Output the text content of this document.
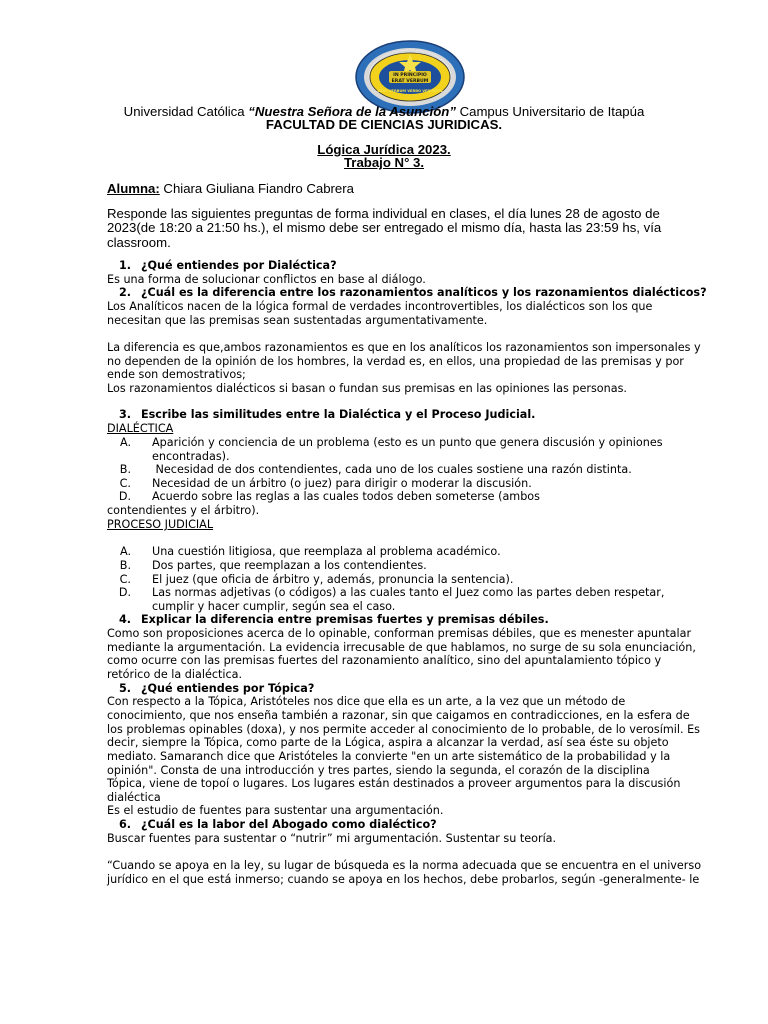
IN PRINCIPIO
ERAT VERBUM
ERAT VERBUM VERBO VERITATIS
Universidad Católica “Nuestra Señora de la Asunción” Campus Universitario de Itapúa
FACULTAD DE CIENCIAS JURIDICAS.
Lógica Jurídica 2023.
Trabajo N° 3.
Alumna: Chiara Giuliana Fiandro Cabrera
Responde las siguientes preguntas de forma individual en clases, el día lunes 28 de agosto de
2023(de 18:20 a 21:50 hs.), el mismo debe ser entregado el mismo día, hasta las 23:59 hs, vía
classroom.
1. ¿Qué entiendes por Dialéctica?
Es una forma de solucionar conflictos en base al diálogo.
2. ¿Cuál es la diferencia entre los razonamientos analíticos y los razonamientos dialécticos?
Los Analíticos nacen de la lógica formal de verdades incontrovertibles, los dialécticos son los que
necesitan que las premisas sean sustentadas argumentativamente.
La diferencia es que,ambos razonamientos es que en los analíticos los razonamientos son impersonales y
no dependen de la opinión de los hombres, la verdad es, en ellos, una propiedad de las premisas y por
ende son demostrativos;
Los razonamientos dialécticos si basan o fundan sus premisas en las opiniones las personas.
3. Escribe las similitudes entre la Dialéctica y el Proceso Judicial.
DIALÉCTICA
A. Aparición y conciencia de un problema (esto es un punto que genera discusión y opiniones
encontradas).
B. Necesidad de dos contendientes, cada uno de los cuales sostiene una razón distinta.
C. Necesidad de un árbitro (o juez) para dirigir o moderar la discusión.
D. Acuerdo sobre las reglas a las cuales todos deben someterse (ambos
contendientes y el árbitro).
PROCESO JUDICIAL
A. Una cuestión litigiosa, que reemplaza al problema académico.
B. Dos partes, que reemplazan a los contendientes.
C. El juez (que oficia de árbitro y, además, pronuncia la sentencia).
D. Las normas adjetivas (o códigos) a las cuales tanto el Juez como las partes deben respetar,
cumplir y hacer cumplir, según sea el caso.
4. Explicar la diferencia entre premisas fuertes y premisas débiles.
Como son proposiciones acerca de lo opinable, conforman premisas débiles, que es menester apuntalar
mediante la argumentación. La evidencia irrecusable de que hablamos, no surge de su sola enunciación,
como ocurre con las premisas fuertes del razonamiento analítico, sino del apuntalamiento tópico y
retórico de la dialéctica.
5. ¿Qué entiendes por Tópica?
Con respecto a la Tópica, Aristóteles nos dice que ella es un arte, a la vez que un método de
conocimiento, que nos enseña también a razonar, sin que caigamos en contradicciones, en la esfera de
los problemas opinables (doxa), y nos permite acceder al conocimiento de lo probable, de lo verosímil. Es
decir, siempre la Tópica, como parte de la Lógica, aspira a alcanzar la verdad, así sea éste su objeto
mediato. Samaranch dice que Aristóteles la convierte "en un arte sistemático de la probabilidad y la
opinión". Consta de una introducción y tres partes, siendo la segunda, el corazón de la disciplina
Tópica, viene de topoí o lugares. Los lugares están destinados a proveer argumentos para la discusión
dialéctica
Es el estudio de fuentes para sustentar una argumentación.
6. ¿Cuál es la labor del Abogado como dialéctico?
Buscar fuentes para sustentar o “nutrir” mi argumentación. Sustentar su teoría.
“Cuando se apoya en la ley, su lugar de búsqueda es la norma adecuada que se encuentra en el universo
jurídico en el que está inmerso; cuando se apoya en los hechos, debe probarlos, según -generalmente- le
